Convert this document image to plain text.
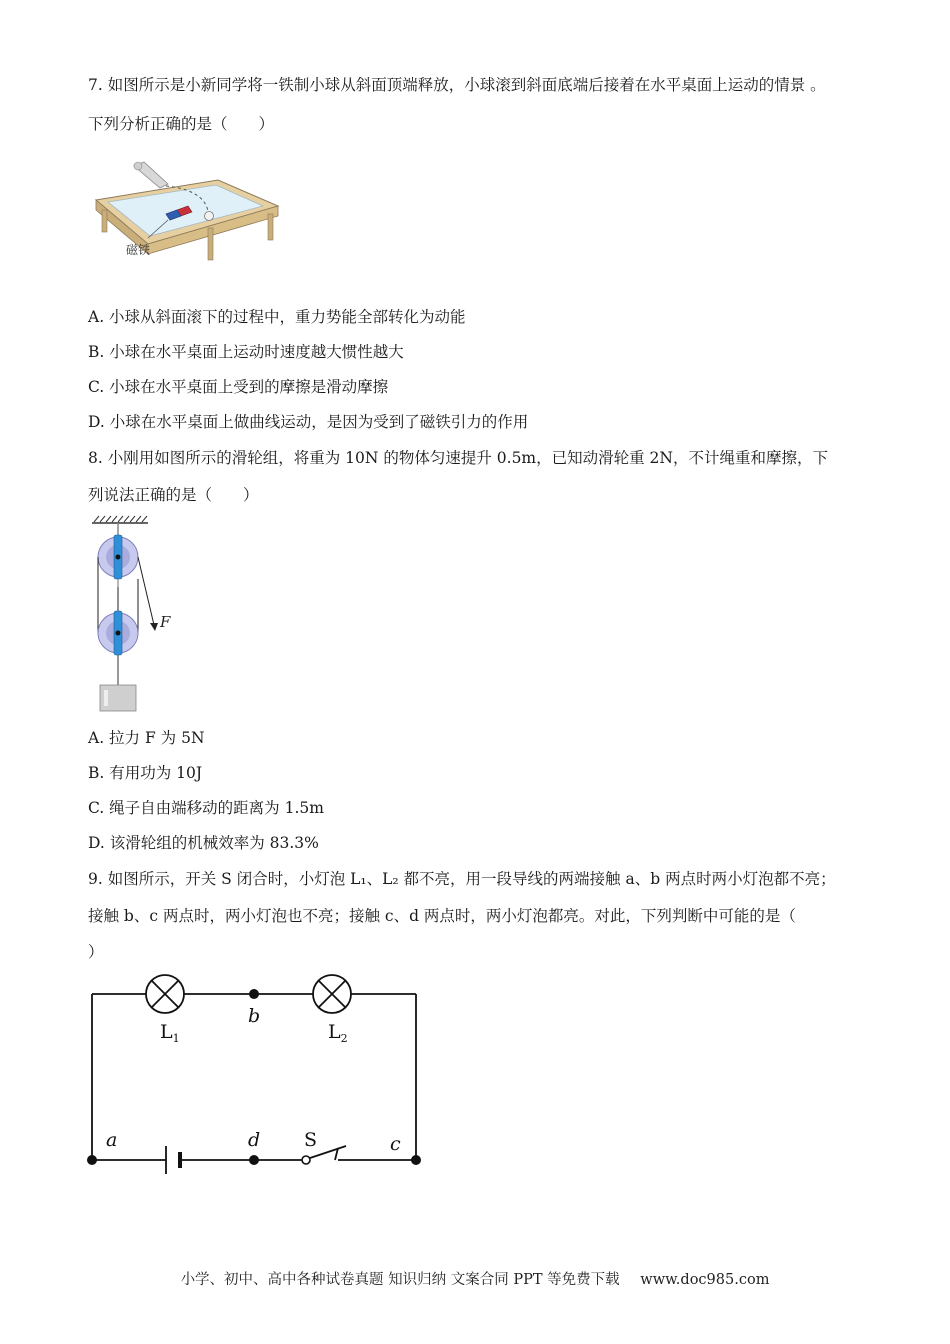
7. 如图所示是小新同学将一铁制小球从斜面顶端释放，小球滚到斜面底端后接着在水平桌面上运动的情景 。
下列分析正确的是（　　）
磁铁
A. 小球从斜面滚下的过程中，重力势能全部转化为动能
B. 小球在水平桌面上运动时速度越大惯性越大
C. 小球在水平桌面上受到的摩擦是滑动摩擦
D. 小球在水平桌面上做曲线运动，是因为受到了磁铁引力的作用
8. 小刚用如图所示的滑轮组，将重为 10N 的物体匀速提升 0.5m，已知动滑轮重 2N，不计绳重和摩擦，下
列说法正确的是（　　）
F
A. 拉力 F 为 5N
B. 有用功为 10J
C. 绳子自由端移动的距离为 1.5m
D. 该滑轮组的机械效率为 83.3%
9. 如图所示，开关 S 闭合时，小灯泡 L₁、L₂ 都不亮，用一段导线的两端接触 a、b 两点时两小灯泡都不亮；
接触 b、c 两点时，两小灯泡也不亮；接触 c、d 两点时，两小灯泡都亮。对此，下列判断中可能的是（
）
$L_1$	$L_2$
b
a	d	c
S
小学、初中、高中各种试卷真题 知识归纳 文案合同 PPT 等免费下载 www.doc985.com
